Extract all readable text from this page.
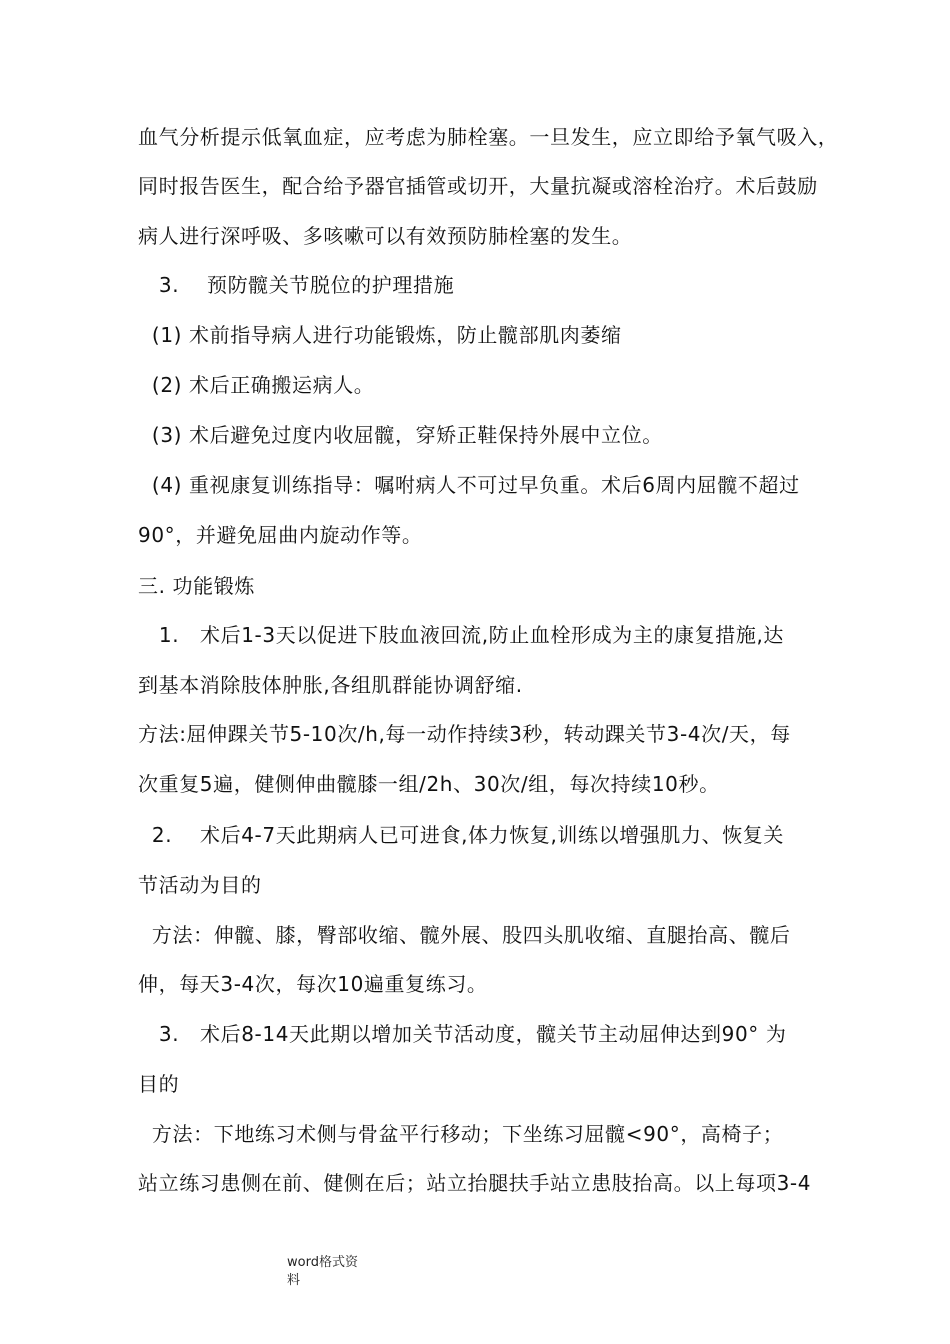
血气分析提示低氧血症，应考虑为肺栓塞。一旦发生，应立即给予氧气吸入，
同时报告医生，配合给予器官插管或切开，大量抗凝或溶栓治疗。术后鼓励
病人进行深呼吸、多咳嗽可以有效预防肺栓塞的发生。
3.    预防髋关节脱位的护理措施
(1) 术前指导病人进行功能锻炼，防止髋部肌肉萎缩
(2) 术后正确搬运病人。
(3) 术后避免过度内收屈髋，穿矫正鞋保持外展中立位。
(4) 重视康复训练指导：嘱咐病人不可过早负重。术后6周内屈髋不超过
90°，并避免屈曲内旋动作等。
三. 功能锻炼
1.   术后1-3天以促进下肢血液回流,防止血栓形成为主的康复措施,达
到基本消除肢体肿胀,各组肌群能协调舒缩.
方法:屈伸踝关节5-10次/h,每一动作持续3秒，转动踝关节3-4次/天，每
次重复5遍，健侧伸曲髋膝一组/2h、30次/组，每次持续10秒。
2.    术后4-7天此期病人已可进食,体力恢复,训练以增强肌力、恢复关
节活动为目的
方法：伸髋、膝，臀部收缩、髋外展、股四头肌收缩、直腿抬高、髋后
伸，每天3-4次，每次10遍重复练习。
3.   术后8-14天此期以增加关节活动度，髋关节主动屈伸达到90° 为
目的
方法：下地练习术侧与骨盆平行移动；下坐练习屈髋<90°，高椅子；
站立练习患侧在前、健侧在后；站立抬腿扶手站立患肢抬高。以上每项3-4
word格式资料
